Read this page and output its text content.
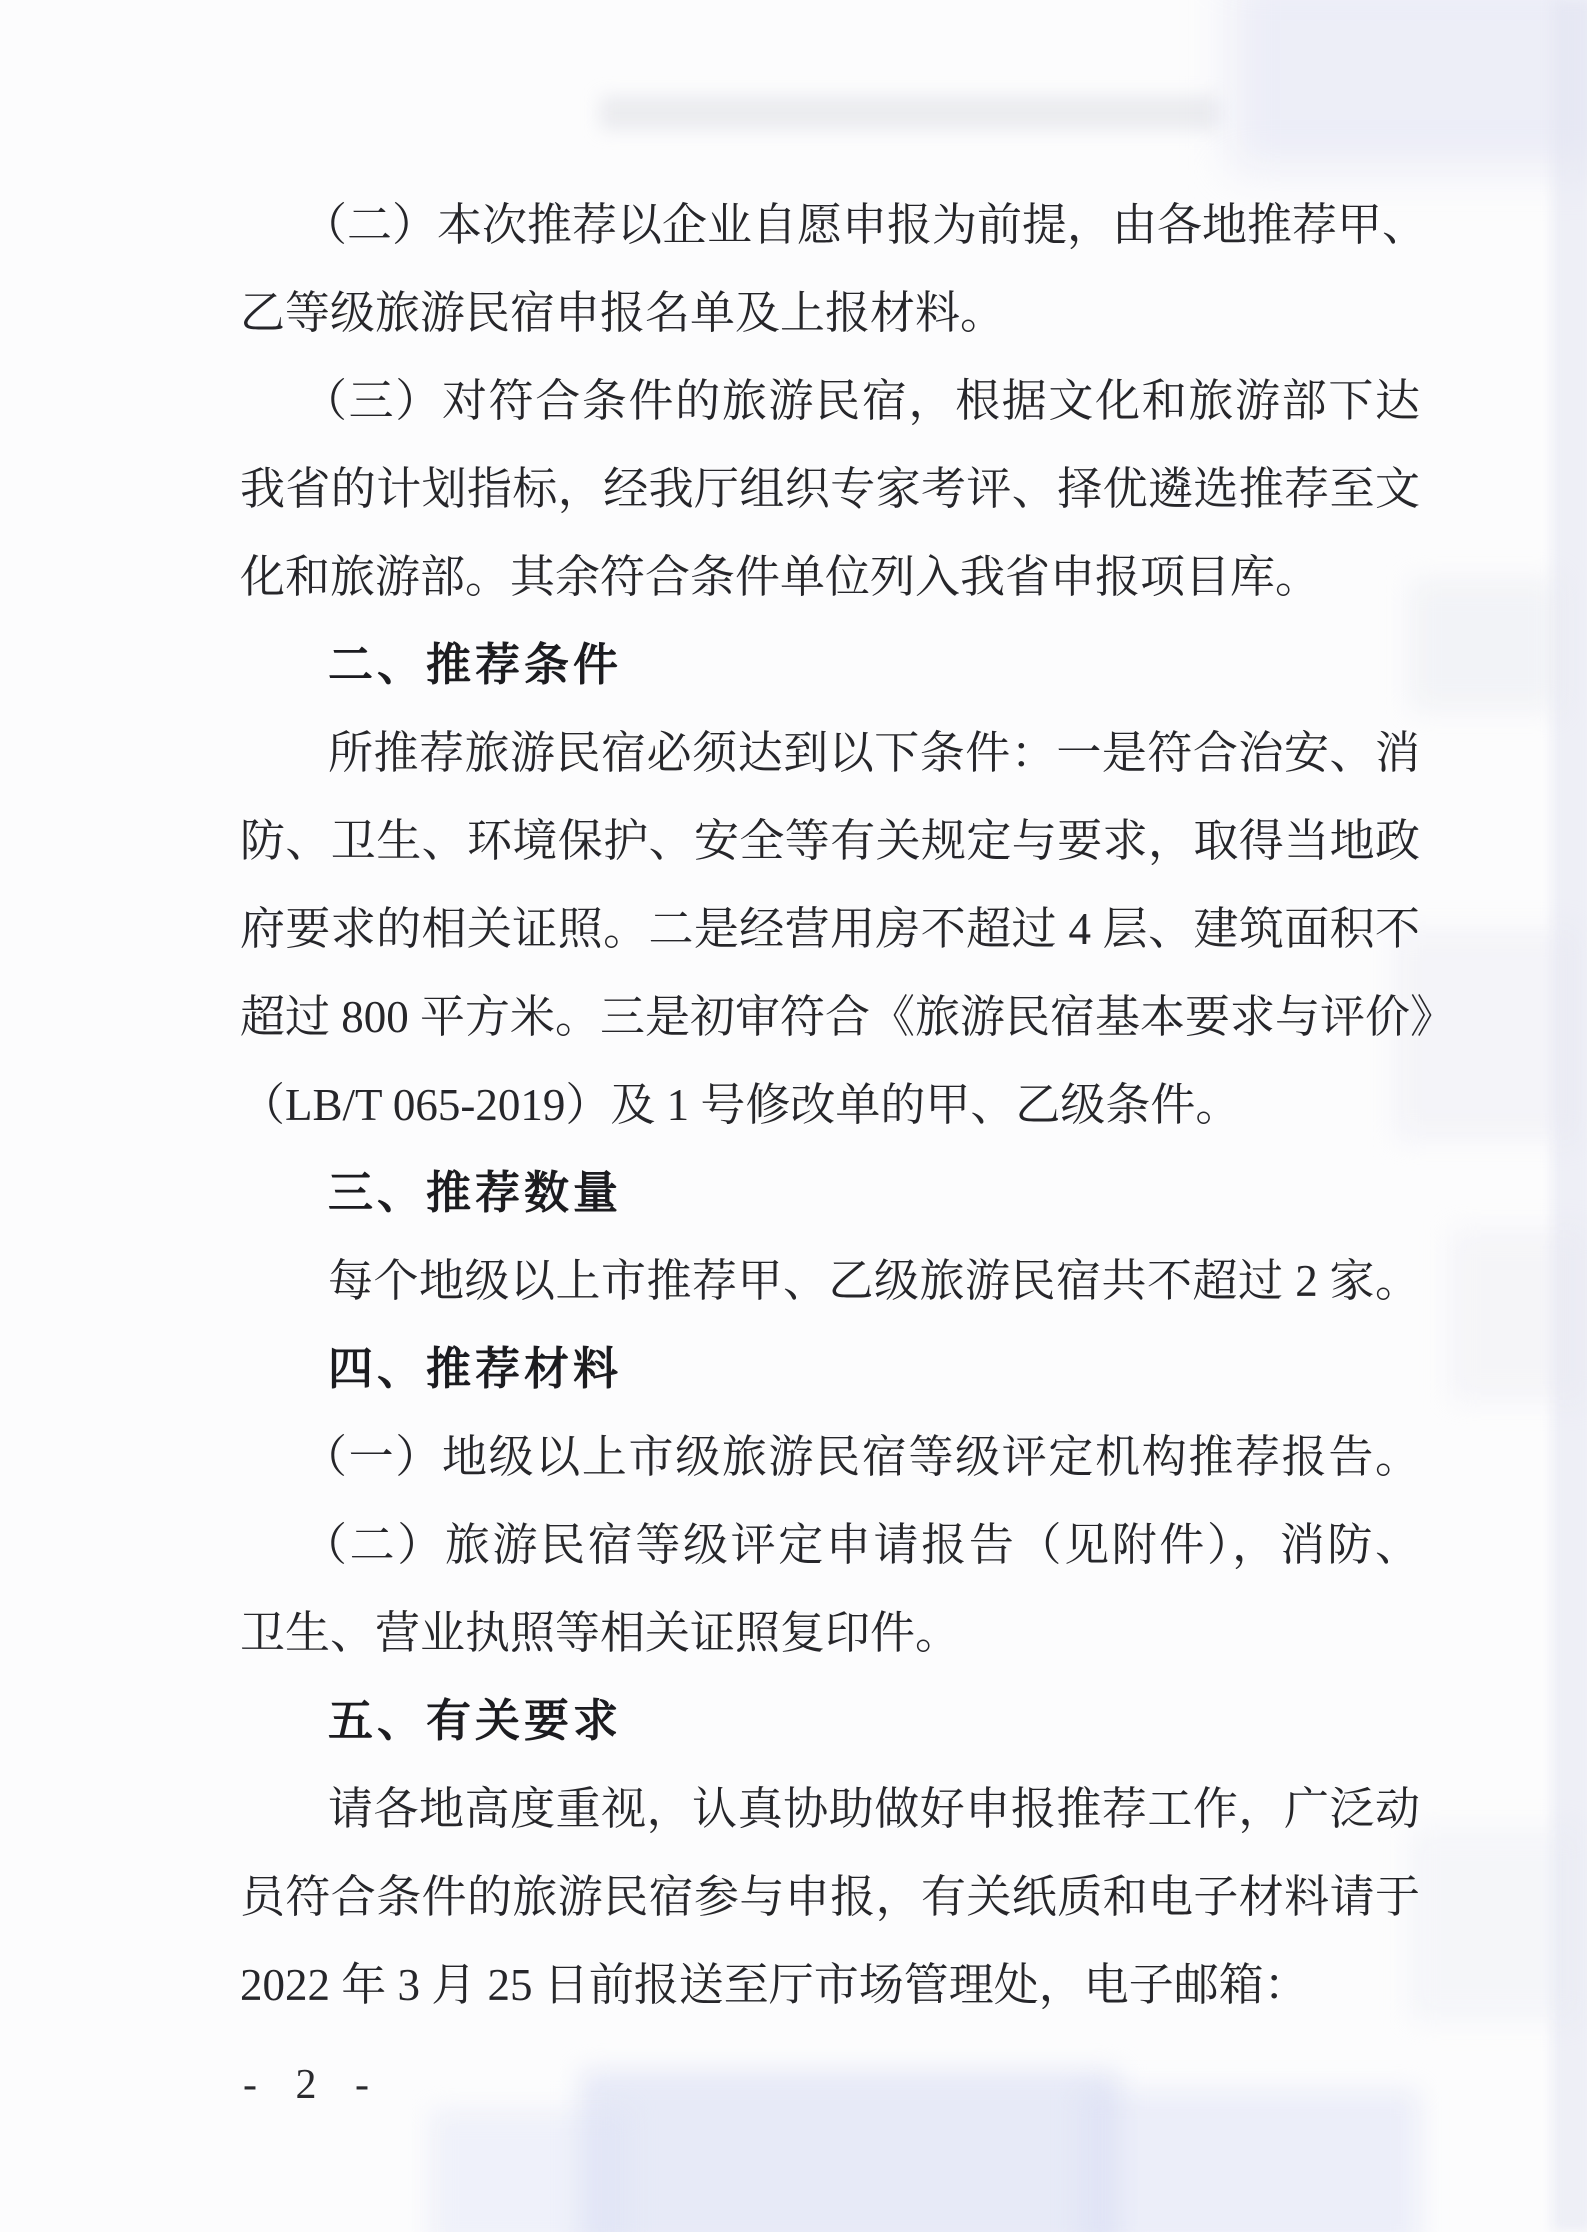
（二）本次推荐以企业自愿申报为前提，由各地推荐甲、
乙等级旅游民宿申报名单及上报材料。
（三）对符合条件的旅游民宿，根据文化和旅游部下达
我省的计划指标，经我厅组织专家考评、择优遴选推荐至文
化和旅游部。其余符合条件单位列入我省申报项目库。
二、推荐条件
所推荐旅游民宿必须达到以下条件：一是符合治安、消
防、卫生、环境保护、安全等有关规定与要求，取得当地政
府要求的相关证照。二是经营用房不超过 4 层、建筑面积不
超过 800 平方米。三是初审符合《旅游民宿基本要求与评价》
（LB/T 065-2019）及 1 号修改单的甲、乙级条件。
三、推荐数量
每个地级以上市推荐甲、乙级旅游民宿共不超过 2 家。
四、推荐材料
（一）地级以上市级旅游民宿等级评定机构推荐报告。
（二）旅游民宿等级评定申请报告（见附件），消防、
卫生、营业执照等相关证照复印件。
五、有关要求
请各地高度重视，认真协助做好申报推荐工作，广泛动
员符合条件的旅游民宿参与申报，有关纸质和电子材料请于
2022 年 3 月 25 日前报送至厅市场管理处，电子邮箱：
- 2 -
